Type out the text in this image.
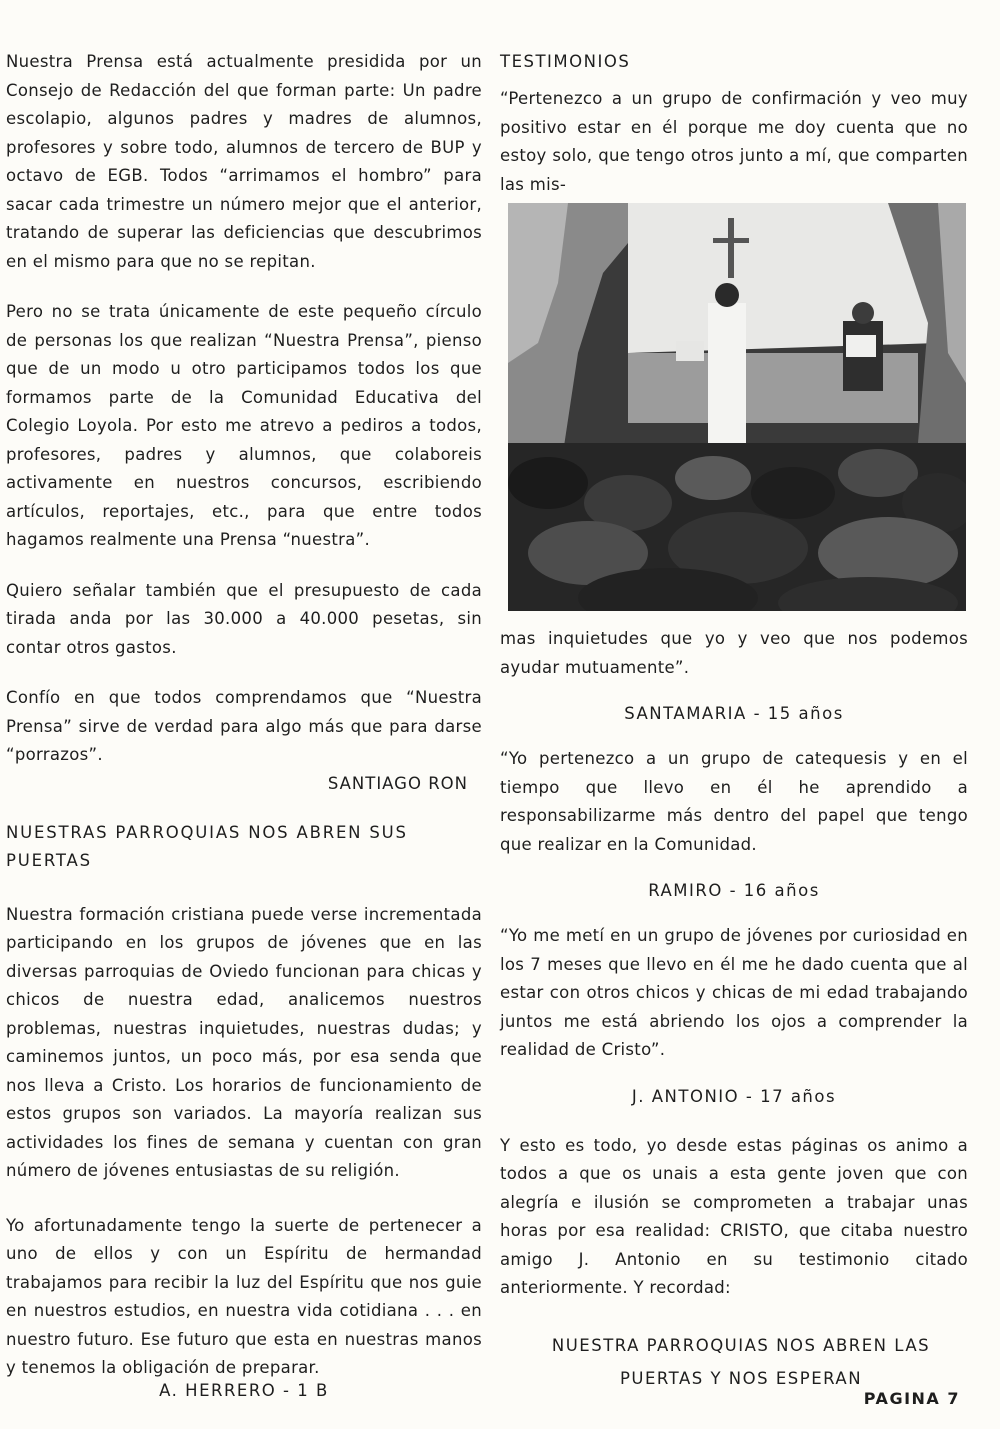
Nuestra Prensa está actualmente presidida por un Consejo de Redacción del que forman parte: Un padre escolapio, algunos padres y madres de alumnos, profesores y sobre todo, alumnos de tercero de BUP y octavo de EGB. Todos “arrimamos el hombro” para sacar cada trimestre un número mejor que el anterior, tratando de superar las deficiencias que descubrimos en el mismo para que no se repitan.

Pero no se trata únicamente de este pequeño círculo de personas los que realizan “Nuestra Prensa”, pienso que de un modo u otro participamos todos los que formamos parte de la Comunidad Educativa del Colegio Loyola. Por esto me atrevo a pediros a todos, profesores, padres y alumnos, que colaboreis activamente en nuestros concursos, escribiendo artículos, reportajes, etc., para que entre todos hagamos realmente una Prensa “nuestra”.

Quiero señalar también que el presupuesto de cada tirada anda por las 30.000 a 40.000 pesetas, sin contar otros gastos.

Confío en que todos comprendamos que “Nuestra Prensa” sirve de verdad para algo más que para darse “porrazos”.

SANTIAGO RON

NUESTRAS PARROQUIAS NOS ABREN SUS PUERTAS

Nuestra formación cristiana puede verse incrementada participando en los grupos de jóvenes que en las diversas parroquias de Oviedo funcionan para chicas y chicos de nuestra edad, analicemos nuestros problemas, nuestras inquietudes, nuestras dudas; y caminemos juntos, un poco más, por esa senda que nos lleva a Cristo. Los horarios de funcionamiento de estos grupos son variados. La mayoría realizan sus actividades los fines de semana y cuentan con gran número de jóvenes entusiastas de su religión.

Yo afortunadamente tengo la suerte de pertenecer a uno de ellos y con un Espíritu de hermandad trabajamos para recibir la luz del Espíritu que nos guie en nuestros estudios, en nuestra vida cotidiana . . . en nuestro futuro. Ese futuro que esta en nuestras manos y tenemos la obligación de preparar.

A. HERRERO - 1 B

TESTIMONIOS

“Pertenezco a un grupo de confirmación y veo muy positivo estar en él porque me doy cuenta que no estoy solo, que tengo otros junto a mí, que comparten las mis-

mas inquietudes que yo y veo que nos podemos ayudar mutuamente”.

SANTAMARIA - 15 años

“Yo pertenezco a un grupo de catequesis y en el tiempo que llevo en él he aprendido a responsabilizarme más dentro del papel que tengo que realizar en la Comunidad.

RAMIRO - 16 años

“Yo me metí en un grupo de jóvenes por curiosidad en los 7 meses que llevo en él me he dado cuenta que al estar con otros chicos y chicas de mi edad trabajando juntos me está abriendo los ojos a comprender la realidad de Cristo”.

J. ANTONIO - 17 años

Y esto es todo, yo desde estas páginas os animo a todos a que os unais a esta gente joven que con alegría e ilusión se comprometen a trabajar unas horas por esa realidad: CRISTO, que citaba nuestro amigo J. Antonio en su testimonio citado anteriormente. Y recordad:

NUESTRA PARROQUIAS NOS ABREN LAS PUERTAS Y NOS ESPERAN

PAGINA 7
